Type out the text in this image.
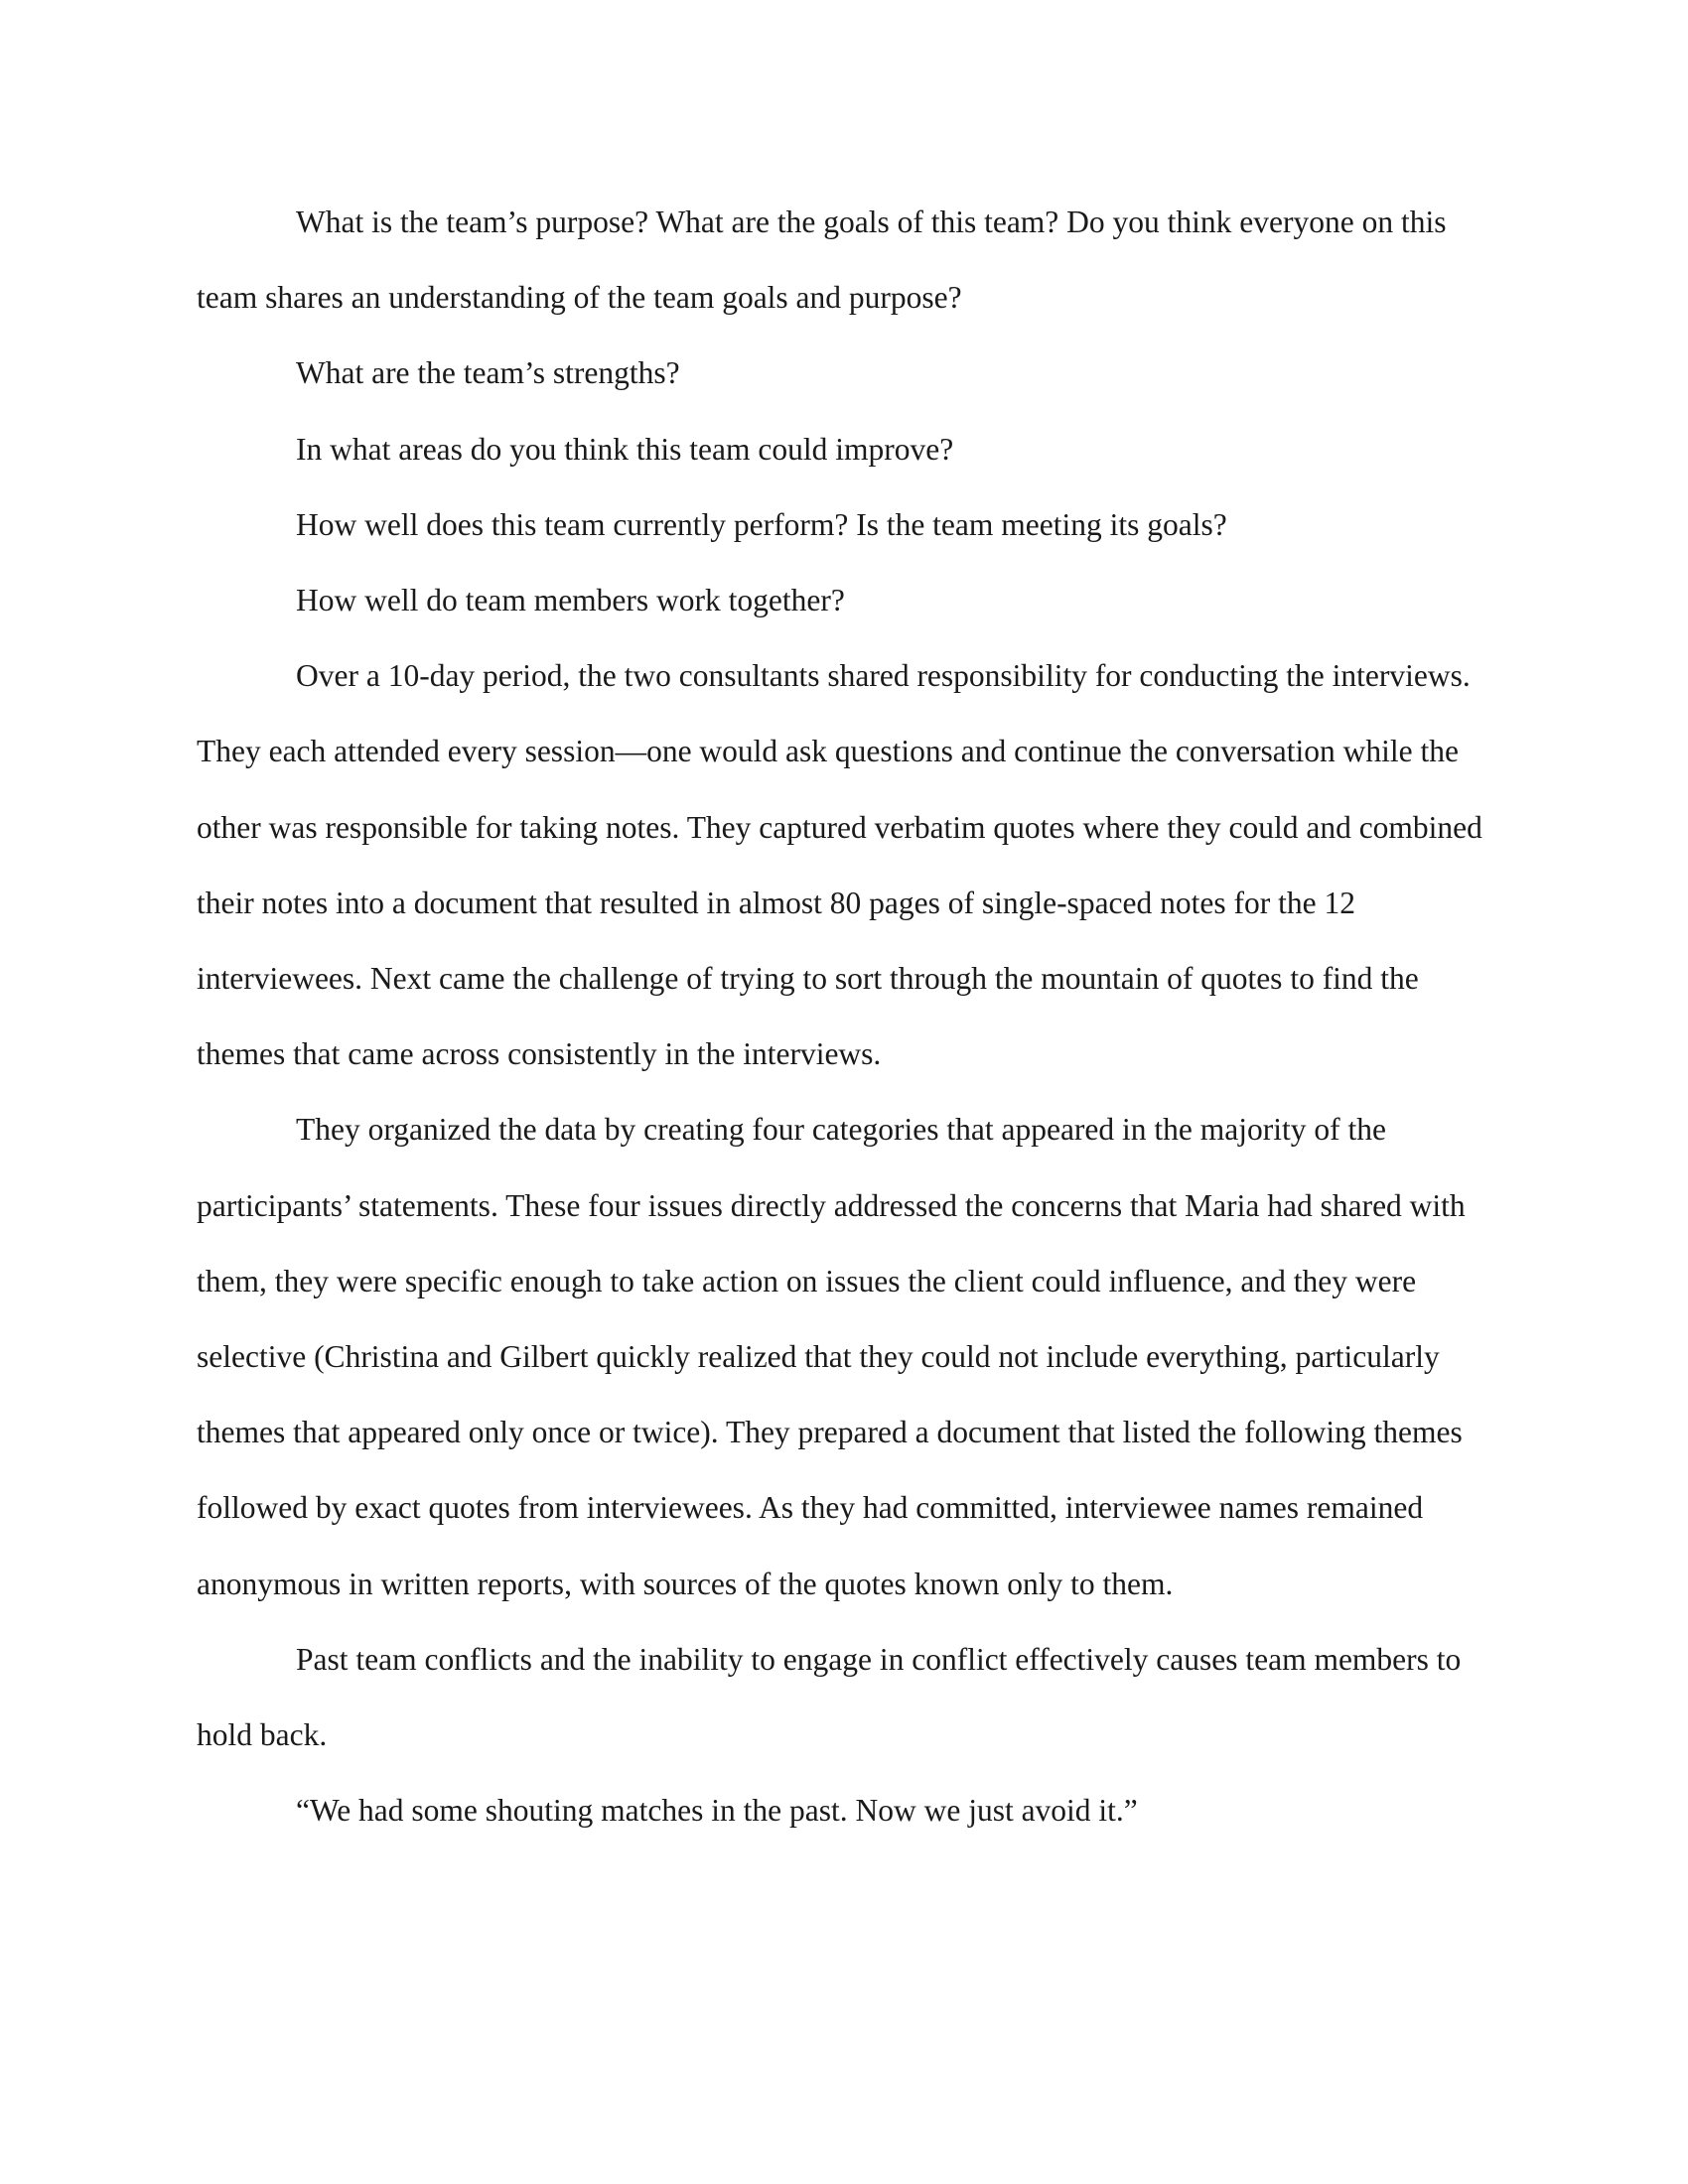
What is the team’s purpose? What are the goals of this team? Do you think everyone on this team shares an understanding of the team goals and purpose?

What are the team’s strengths?

In what areas do you think this team could improve?

How well does this team currently perform? Is the team meeting its goals?

How well do team members work together?

Over a 10-day period, the two consultants shared responsibility for conducting the interviews. They each attended every session—one would ask questions and continue the conversation while the other was responsible for taking notes. They captured verbatim quotes where they could and combined their notes into a document that resulted in almost 80 pages of single-spaced notes for the 12 interviewees. Next came the challenge of trying to sort through the mountain of quotes to find the themes that came across consistently in the interviews.

They organized the data by creating four categories that appeared in the majority of the participants’ statements. These four issues directly addressed the concerns that Maria had shared with them, they were specific enough to take action on issues the client could influence, and they were selective (Christina and Gilbert quickly realized that they could not include everything, particularly themes that appeared only once or twice). They prepared a document that listed the following themes followed by exact quotes from interviewees. As they had committed, interviewee names remained anonymous in written reports, with sources of the quotes known only to them.

Past team conflicts and the inability to engage in conflict effectively causes team members to hold back.

“We had some shouting matches in the past. Now we just avoid it.”
